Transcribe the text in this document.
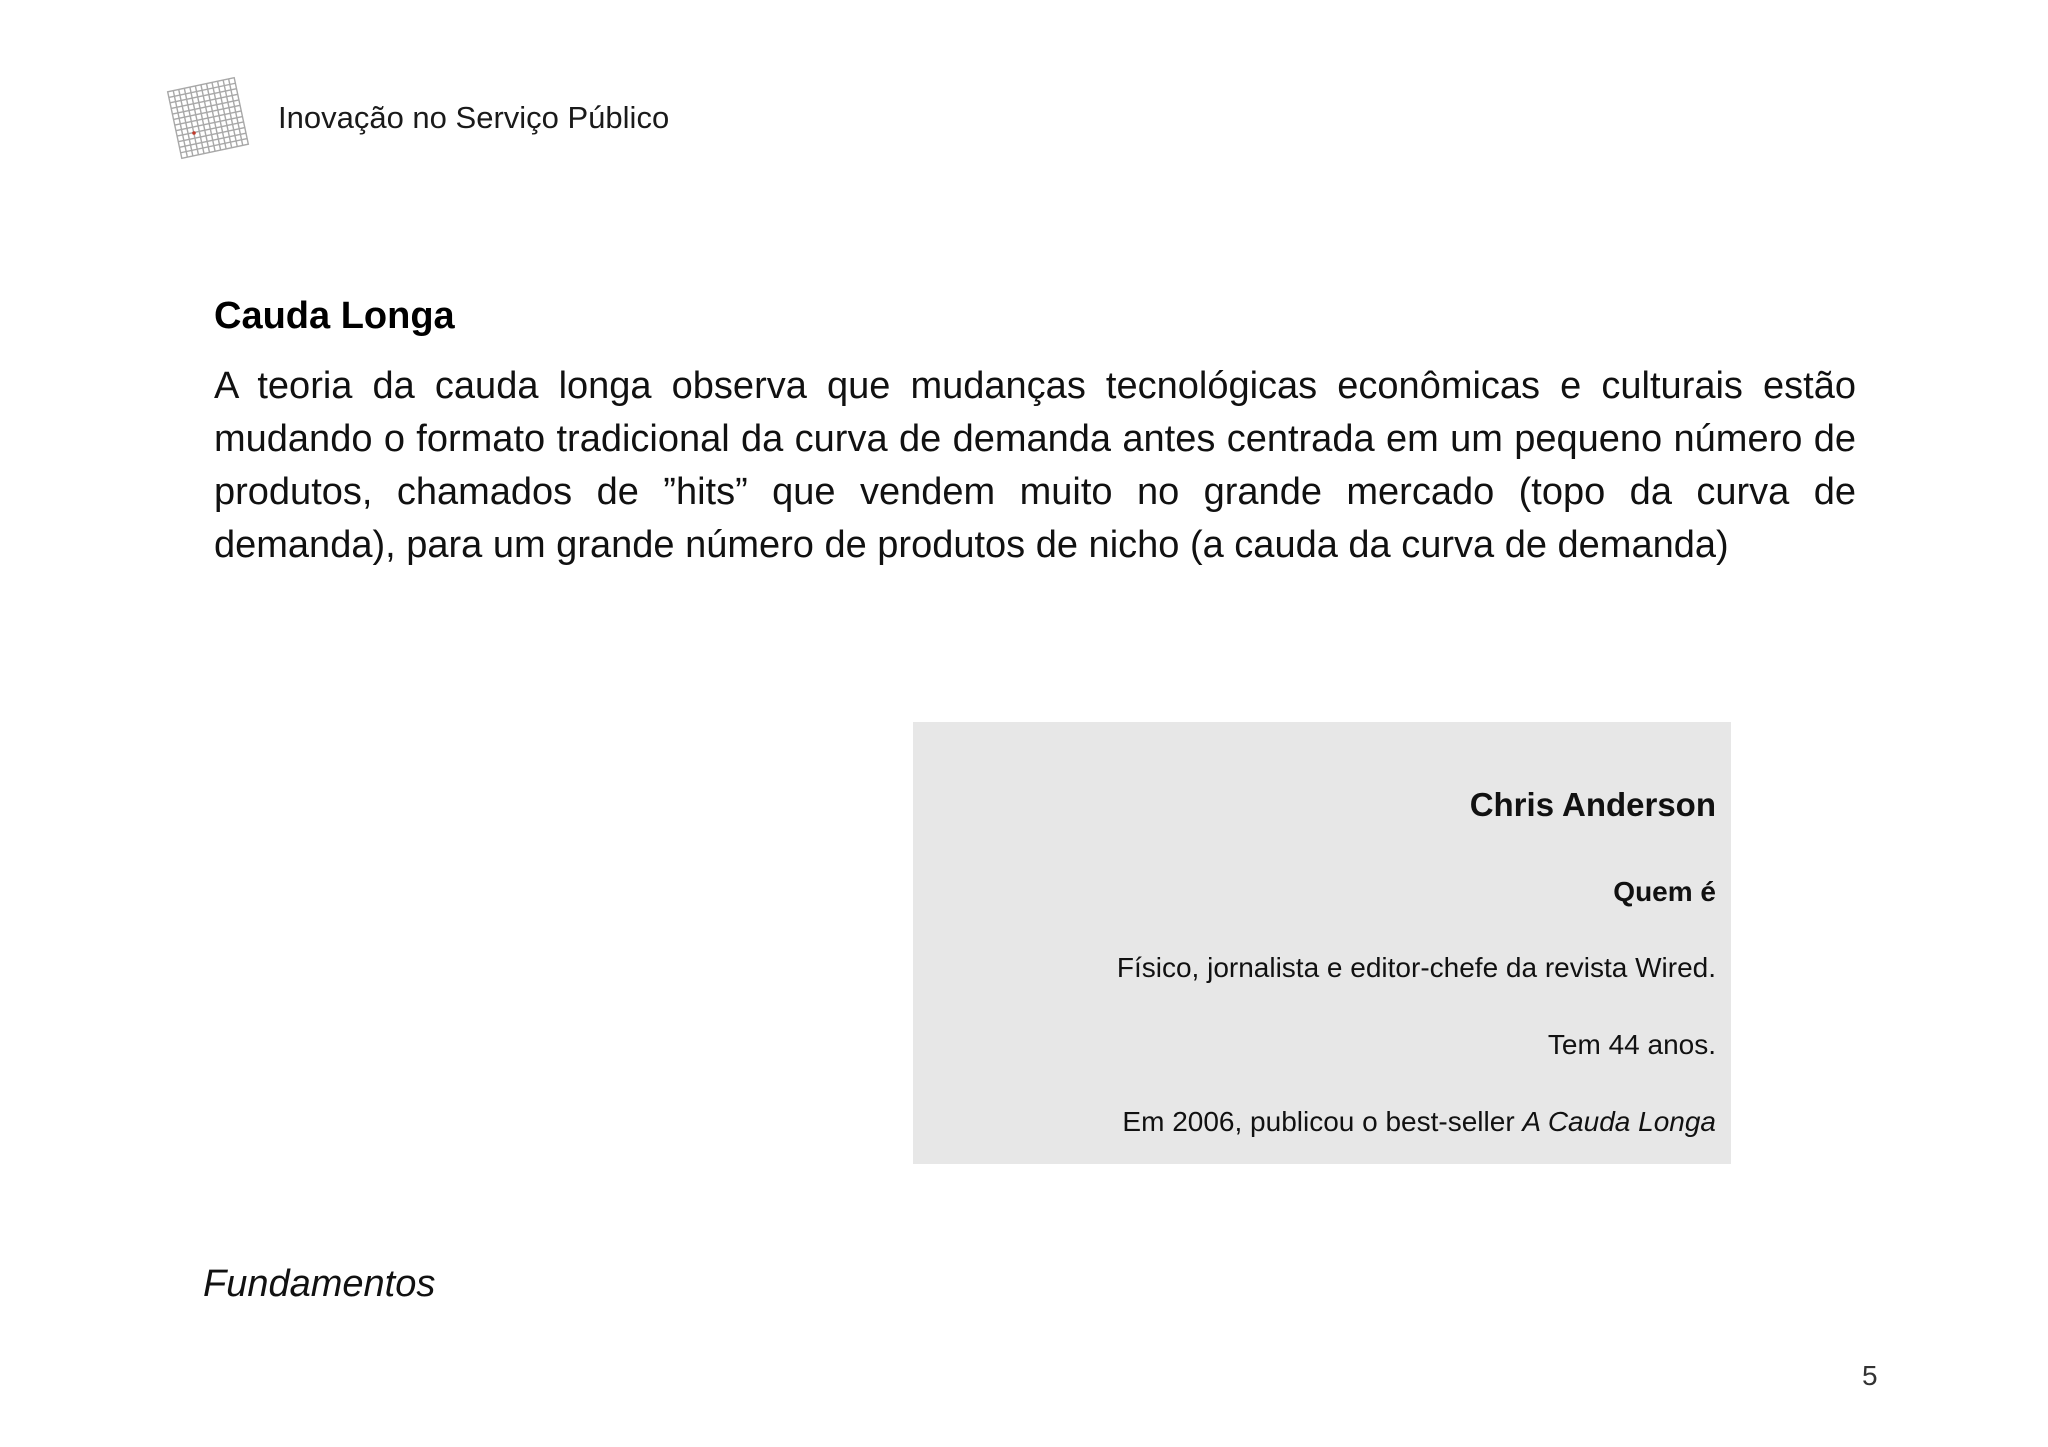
Inovação no Serviço Público
Cauda Longa

A teoria da cauda longa observa que mudanças tecnológicas econômicas e culturais estão mudando o formato tradicional da curva de demanda antes centrada em um pequeno número de produtos, chamados de ”hits” que vendem muito no grande mercado (topo da curva de demanda), para um grande número de produtos de nicho (a cauda da curva de demanda)

Chris Anderson
Quem é
Físico, jornalista e editor-chefe da revista Wired.
Tem 44 anos.
Em 2006, publicou o best-seller A Cauda Longa
Fundamentos
5
